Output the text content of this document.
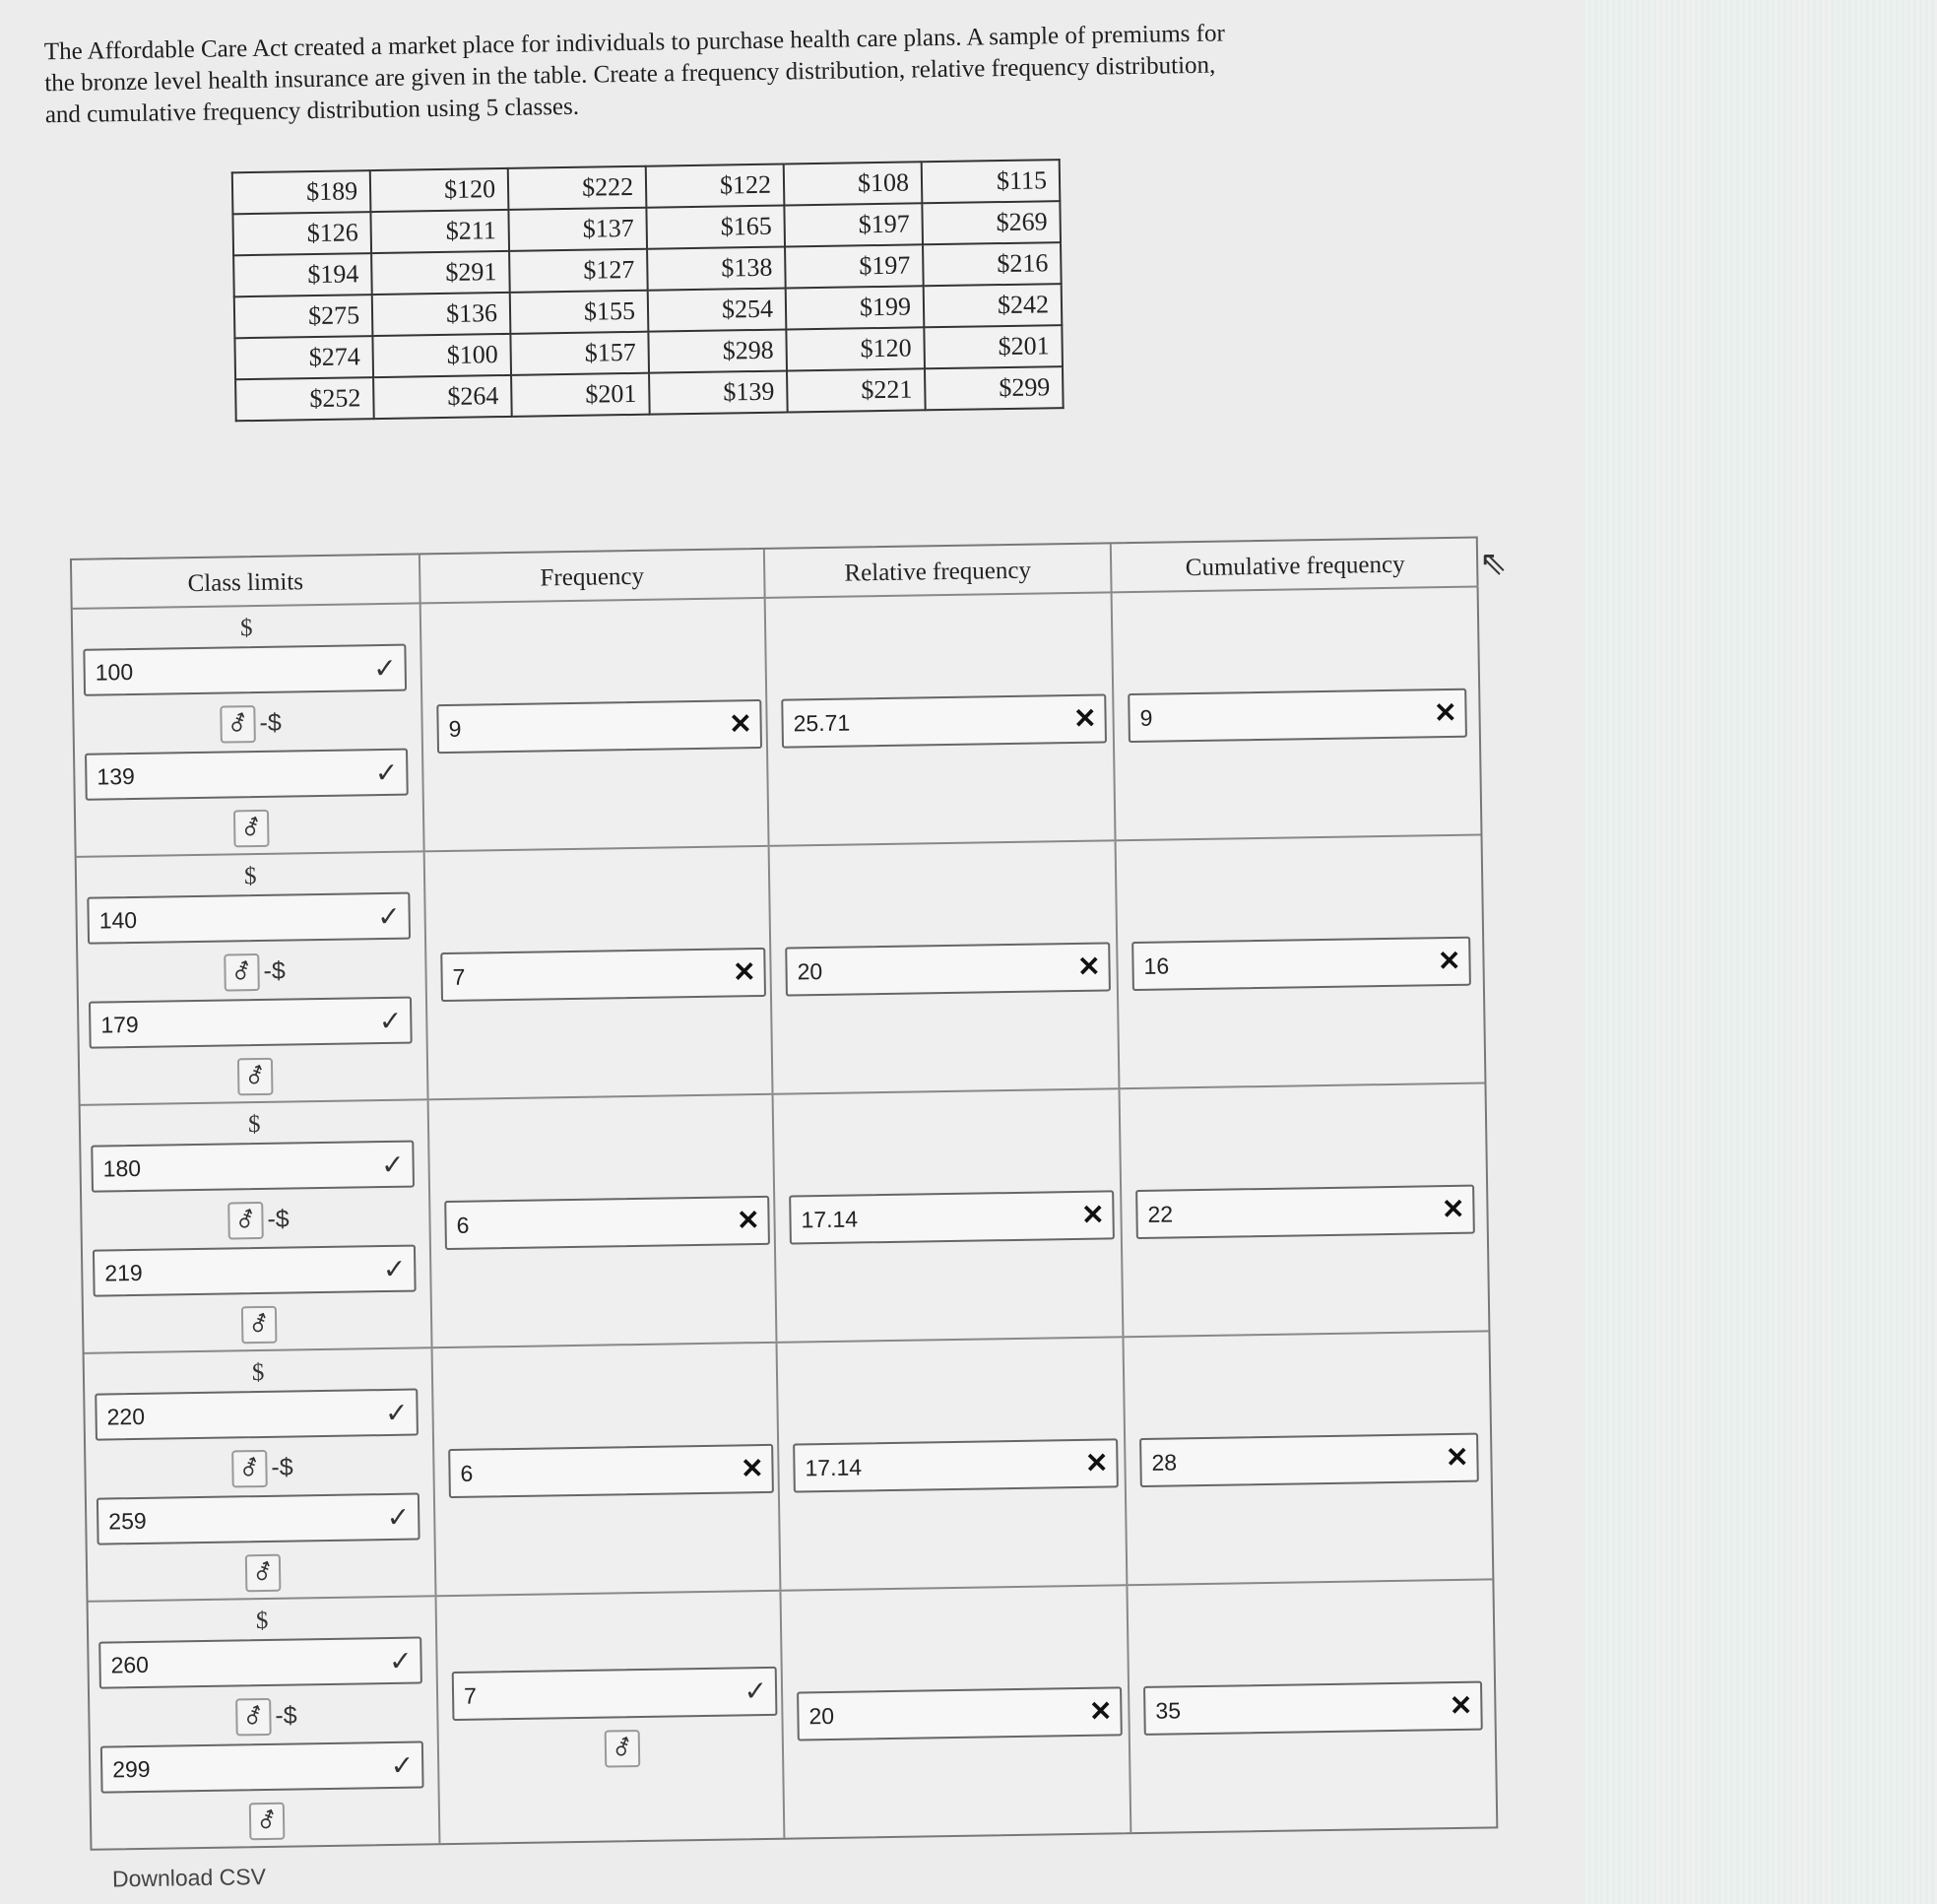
The Affordable Care Act created a market place for individuals to purchase health care plans. A sample of premiums for the bronze level health insurance are given in the table. Create a frequency distribution, relative frequency distribution, and cumulative frequency distribution using 5 classes.
$189	$120	$222	$122	$108	$115
$126	$211	$137	$165	$197	$269
$194	$291	$127	$138	$197	$216
$275	$136	$155	$254	$199	$242
$274	$100	$157	$298	$120	$201
$252	$264	$201	$139	$221	$299
Class limits	Frequency	Relative frequency	Cumulative frequency
$
100	✓
⚦ -$
139	✓
⚦
9	✕	25.71	✕	9	✕
$
140	✓
⚦ -$
179	✓
⚦
7	✕	20	✕	16	✕
$
180	✓
⚦ -$
219	✓
⚦
6	✕	17.14	✕	22	✕
$
220	✓
⚦ -$
259	✓
⚦
6	✕	17.14	✕	28	✕
$
260	✓
⚦ -$
299	✓
⚦
7	✓
⚦
20	✕	35	✕
Download CSV
⇖
